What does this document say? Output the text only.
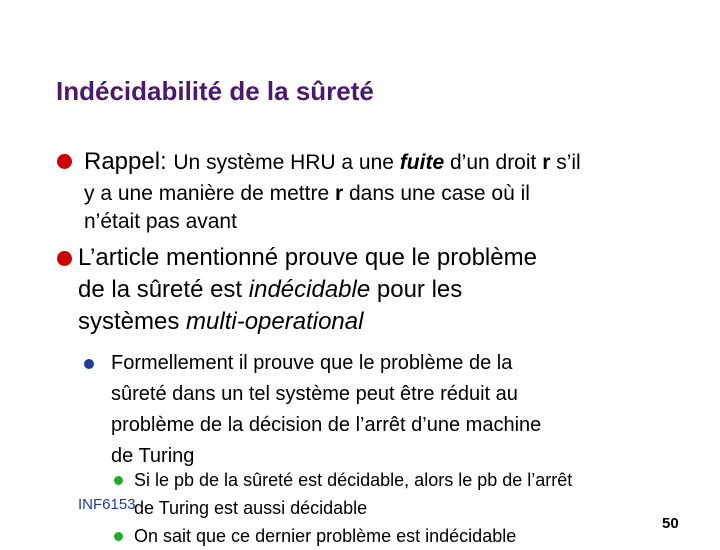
Indécidabilité de la sûreté
Rappel: Un système HRU a une fuite d’un droit r s’il
y a une manière de mettre r dans une case où il
n’était pas avant
L’article mentionné prouve que le problème
de la sûreté est indécidable pour les
systèmes multi-operational
Formellement il prouve que le problème de la
sûreté dans un tel système peut être réduit au
problème de la décision de l’arrêt d’une machine
de Turing
Si le pb de la sûreté est décidable, alors le pb de l’arrêt
de Turing est aussi décidable
On sait que ce dernier problème est indécidable
INF6153
50
